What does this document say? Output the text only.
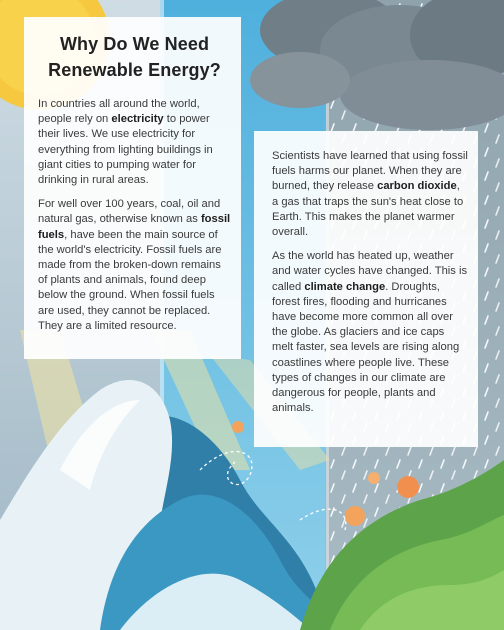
Why Do We Need
Renewable Energy?

In countries all around the world, people rely on electricity to power their lives. We use electricity for everything from lighting buildings in giant cities to pumping water for drinking in rural areas.

For well over 100 years, coal, oil and natural gas, otherwise known as fossil fuels, have been the main source of the world's electricity. Fossil fuels are made from the broken-down remains of plants and animals, found deep below the ground. When fossil fuels are used, they cannot be replaced. They are a limited resource.

Scientists have learned that using fossil fuels harms our planet. When they are burned, they release carbon dioxide, a gas that traps the sun's heat close to Earth. This makes the planet warmer overall.

As the world has heated up, weather and water cycles have changed. This is called climate change. Droughts, forest fires, flooding and hurricanes have become more common all over the globe. As glaciers and ice caps melt faster, sea levels are rising along coastlines where people live. These types of changes in our climate are dangerous for people, plants and animals.
